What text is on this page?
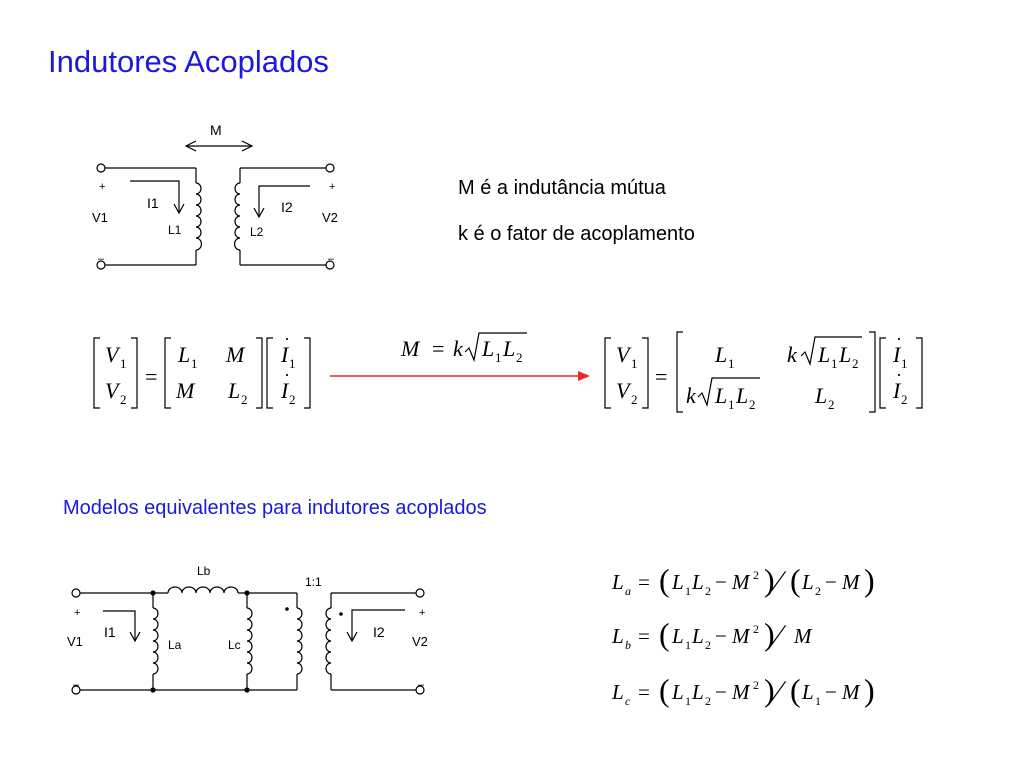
Indutores Acoplados
M
+
V1
–
I1
L1
+
V2
–
I2
L2
M é a indutância mútua
k é o fator de acoplamento
V 1
V 2
=
L 1 M
M L 2
I 1
·
I 2
·
M = k L 1 L 2	V 1
V 2
=
L 1 k L 1 L 2
k L 1 L 2	L 2
I 1
·
I 2
·
Modelos equivalentes para indutores acoplados
Lb
1:1
+
V1
–
I1
La	Lc
+
V2
–
I2
L a = ( L 1 L 2 − M 2 ) ∕ ( L 2 − M )
L b = ( L 1 L 2 − M 2 ) ∕ M
L c = ( L 1 L 2 − M 2 ) ∕ ( L 1 − M )
